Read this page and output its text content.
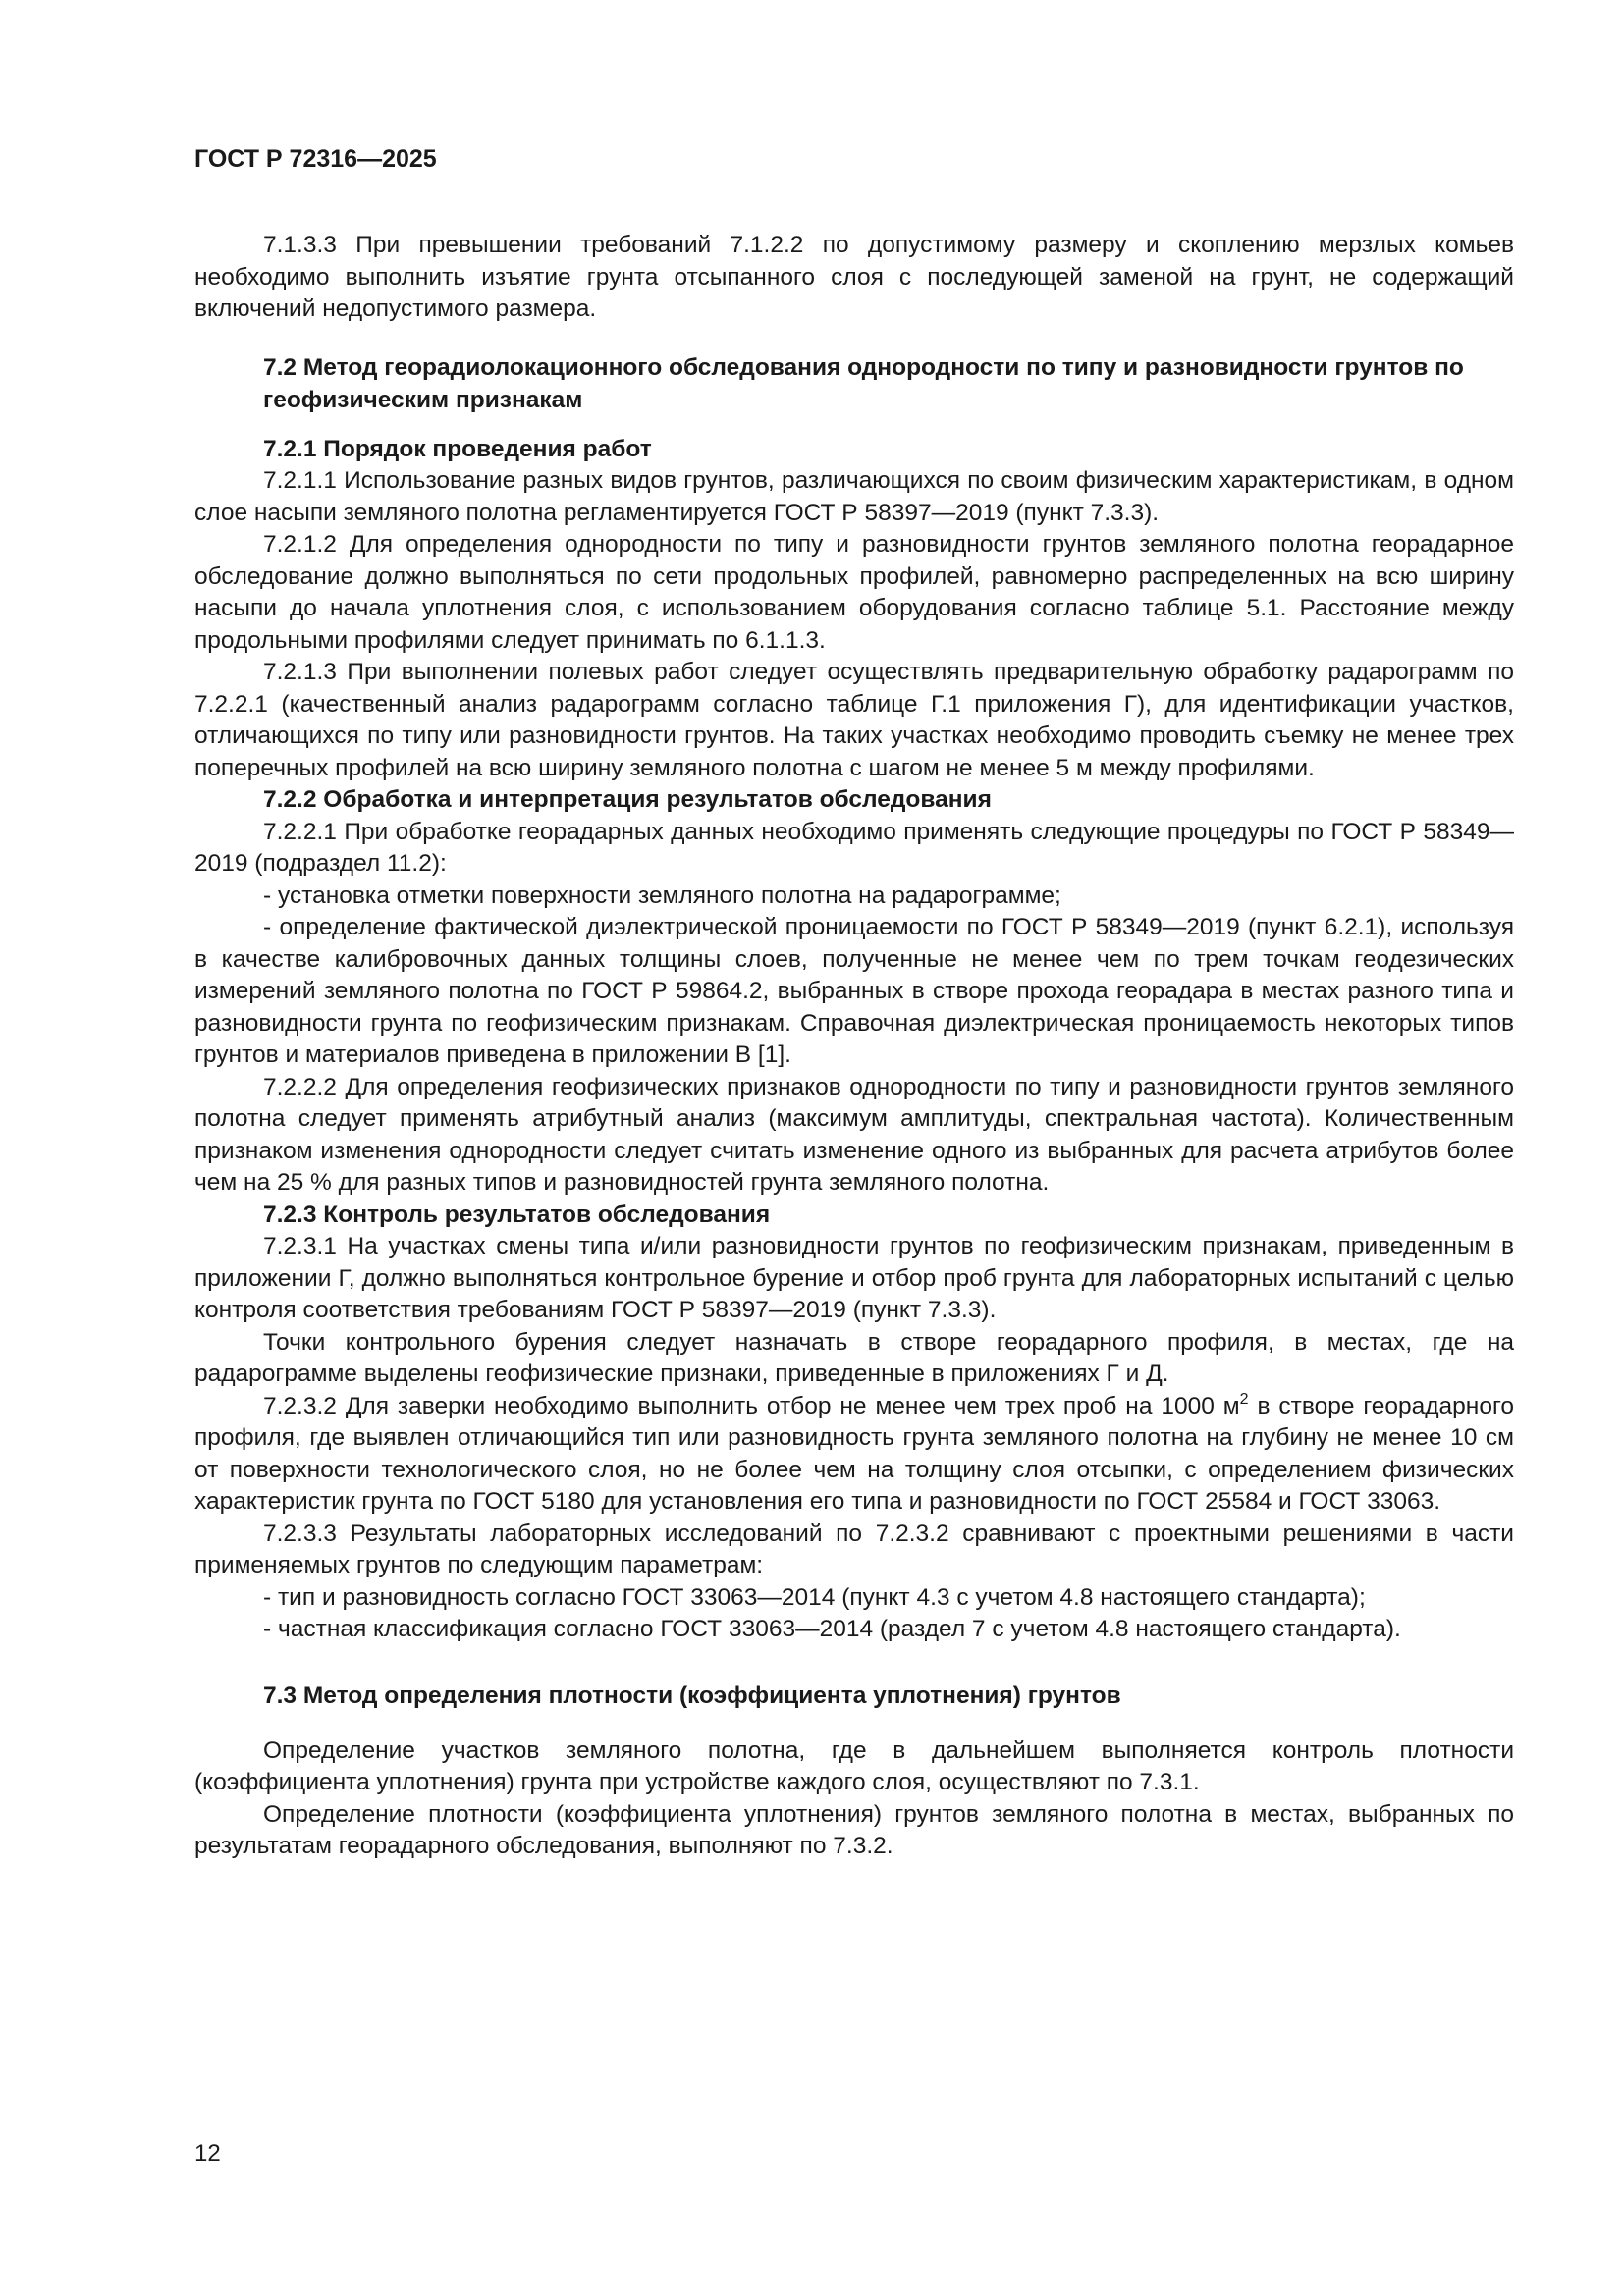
ГОСТ Р 72316—2025

7.1.3.3 При превышении требований 7.1.2.2 по допустимому размеру и скоплению мерзлых комьев необходимо выполнить изъятие грунта отсыпанного слоя с последующей заменой на грунт, не содержащий включений недопустимого размера.

7.2 Метод георадиолокационного обследования однородности по типу и разновидности грунтов по геофизическим признакам
7.2.1 Порядок проведения работ

7.2.1.1 Использование разных видов грунтов, различающихся по своим физическим характеристикам, в одном слое насыпи земляного полотна регламентируется ГОСТ Р 58397—2019 (пункт 7.3.3).

7.2.1.2 Для определения однородности по типу и разновидности грунтов земляного полотна георадарное обследование должно выполняться по сети продольных профилей, равномерно распределенных на всю ширину насыпи до начала уплотнения слоя, с использованием оборудования согласно таблице 5.1. Расстояние между продольными профилями следует принимать по 6.1.1.3.

7.2.1.3 При выполнении полевых работ следует осуществлять предварительную обработку радарограмм по 7.2.2.1 (качественный анализ радарограмм согласно таблице Г.1 приложения Г), для идентификации участков, отличающихся по типу или разновидности грунтов. На таких участках необходимо проводить съемку не менее трех поперечных профилей на всю ширину земляного полотна с шагом не менее 5 м между профилями.

7.2.2 Обработка и интерпретация результатов обследования

7.2.2.1 При обработке георадарных данных необходимо применять следующие процедуры по ГОСТ Р 58349—2019 (подраздел 11.2):

- установка отметки поверхности земляного полотна на радарограмме;

- определение фактической диэлектрической проницаемости по ГОСТ Р 58349—2019 (пункт 6.2.1), используя в качестве калибровочных данных толщины слоев, полученные не менее чем по трем точкам геодезических измерений земляного полотна по ГОСТ Р 59864.2, выбранных в створе прохода георадара в местах разного типа и разновидности грунта по геофизическим признакам. Справочная диэлектрическая проницаемость некоторых типов грунтов и материалов приведена в приложении В [1].

7.2.2.2 Для определения геофизических признаков однородности по типу и разновидности грунтов земляного полотна следует применять атрибутный анализ (максимум амплитуды, спектральная частота). Количественным признаком изменения однородности следует считать изменение одного из выбранных для расчета атрибутов более чем на 25 % для разных типов и разновидностей грунта земляного полотна.

7.2.3 Контроль результатов обследования

7.2.3.1 На участках смены типа и/или разновидности грунтов по геофизическим признакам, приведенным в приложении Г, должно выполняться контрольное бурение и отбор проб грунта для лабораторных испытаний с целью контроля соответствия требованиям ГОСТ Р 58397—2019 (пункт 7.3.3).

Точки контрольного бурения следует назначать в створе георадарного профиля, в местах, где на радарограмме выделены геофизические признаки, приведенные в приложениях Г и Д.

7.2.3.2 Для заверки необходимо выполнить отбор не менее чем трех проб на 1000 $м^2$ в створе георадарного профиля, где выявлен отличающийся тип или разновидность грунта земляного полотна на глубину не менее 10 см от поверхности технологического слоя, но не более чем на толщину слоя отсыпки, с определением физических характеристик грунта по ГОСТ 5180 для установления его типа и разновидности по ГОСТ 25584 и ГОСТ 33063.

7.2.3.3 Результаты лабораторных исследований по 7.2.3.2 сравнивают с проектными решениями в части применяемых грунтов по следующим параметрам:

- тип и разновидность согласно ГОСТ 33063—2014 (пункт 4.3 с учетом 4.8 настоящего стандарта);

- частная классификация согласно ГОСТ 33063—2014 (раздел 7 с учетом 4.8 настоящего стандарта).

7.3 Метод определения плотности (коэффициента уплотнения) грунтов

Определение участков земляного полотна, где в дальнейшем выполняется контроль плотности (коэффициента уплотнения) грунта при устройстве каждого слоя, осуществляют по 7.3.1.

Определение плотности (коэффициента уплотнения) грунтов земляного полотна в местах, выбранных по результатам георадарного обследования, выполняют по 7.3.2.

12
